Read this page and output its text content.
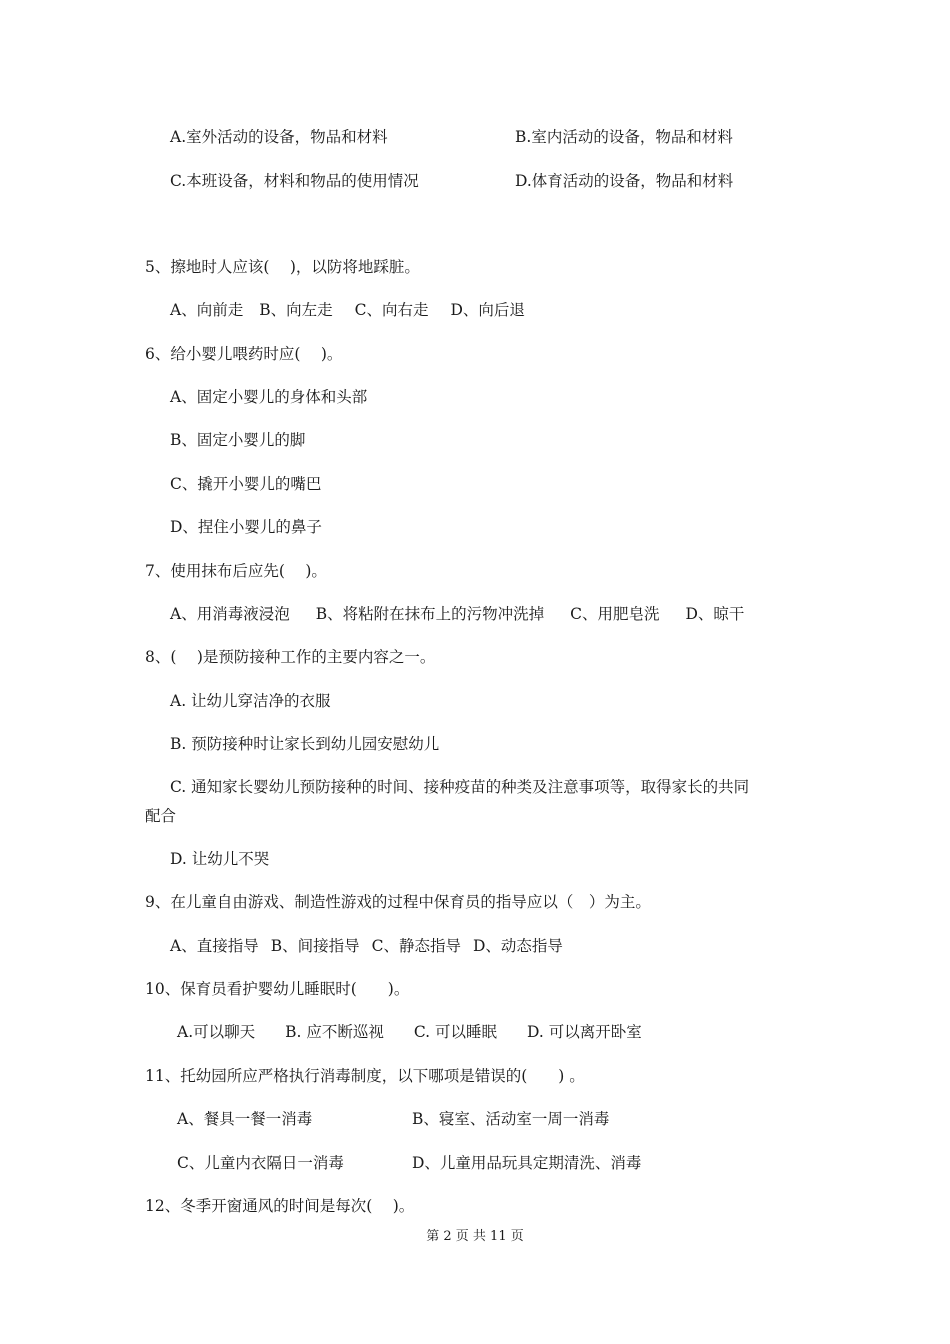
A.室外活动的设备，物品和材料	B.室内活动的设备，物品和材料
C.本班设备，材料和物品的使用情况	D.体育活动的设备，物品和材料
5、擦地时人应该(　 )，以防将地踩脏。
A、向前走 B、向左走 C、向右走 D、向后退
6、给小婴儿喂药时应(　 )。
A、固定小婴儿的身体和头部
B、固定小婴儿的脚
C、撬开小婴儿的嘴巴
D、捏住小婴儿的鼻子
7、使用抹布后应先(　 )。
A、用消毒液浸泡 B、将粘附在抹布上的污物冲洗掉 C、用肥皂洗 D、晾干
8、(　 )是预防接种工作的主要内容之一。
A. 让幼儿穿洁净的衣服
B. 预防接种时让家长到幼儿园安慰幼儿
C. 通知家长婴幼儿预防接种的时间、接种疫苗的种类及注意事项等，取得家长的共同
配合
D. 让幼儿不哭
9、在儿童自由游戏、制造性游戏的过程中保育员的指导应以（　）为主。
A、直接指导 B、间接指导 C、静态指导 D、动态指导
10、保育员看护婴幼儿睡眠时(　　)。
A.可以聊天 B. 应不断巡视 C. 可以睡眠 D. 可以离开卧室
11、托幼园所应严格执行消毒制度，以下哪项是错误的(　　) 。
A、餐具一餐一消毒	B、寝室、活动室一周一消毒
C、儿童内衣隔日一消毒	D、儿童用品玩具定期清洗、消毒
12、冬季开窗通风的时间是每次(　 )。
第 2 页 共 11 页
